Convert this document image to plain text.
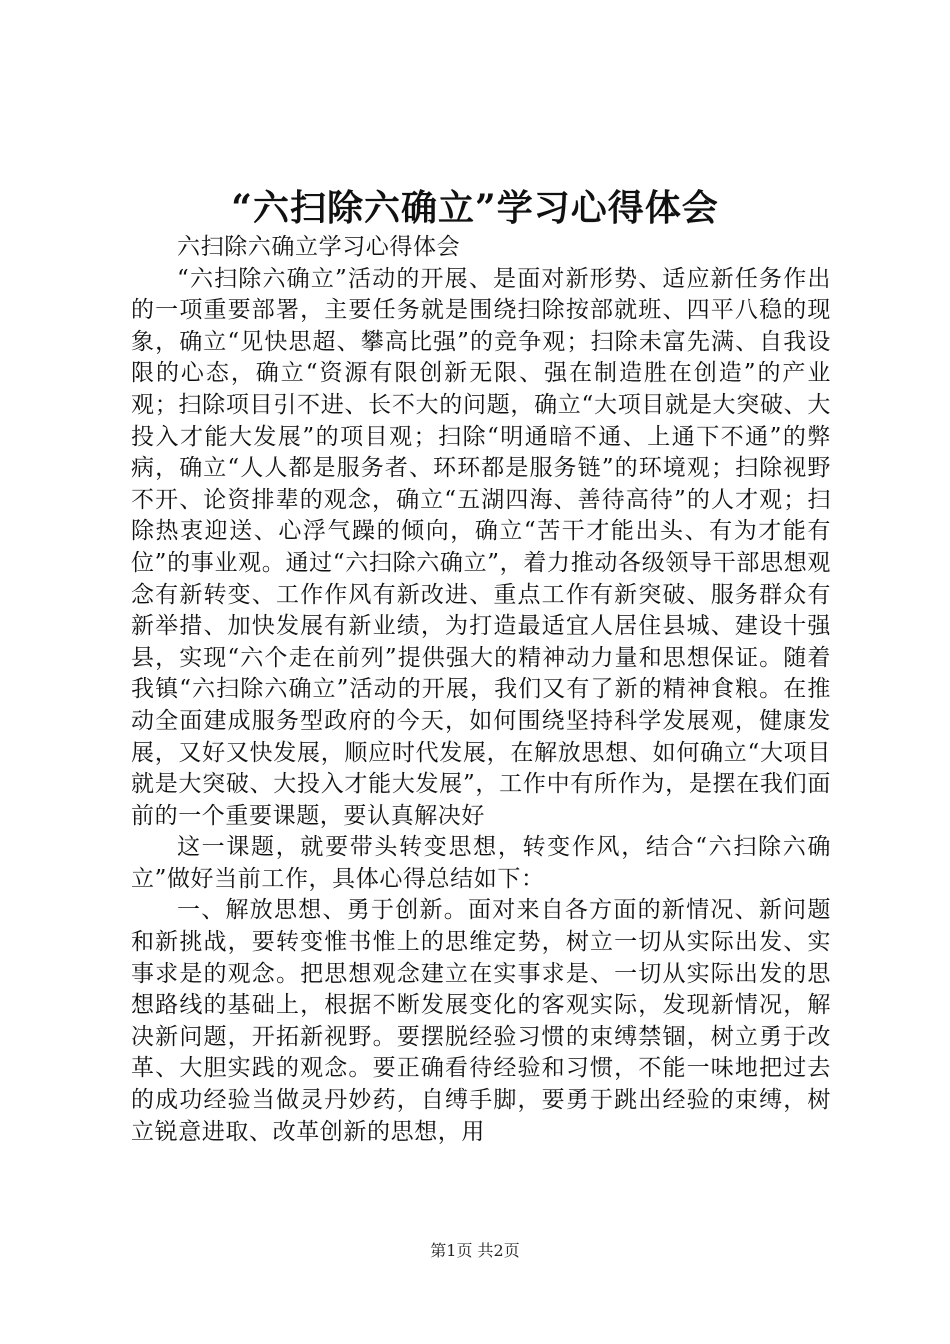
“六扫除六确立”学习心得体会

六扫除六确立学习心得体会

“六扫除六确立”活动的开展、是面对新形势、适应新任务作出的一项重要部署，主要任务就是围绕扫除按部就班、四平八稳的现象，确立“见快思超、攀高比强”的竞争观；扫除未富先满、自我设限的心态，确立“资源有限创新无限、强在制造胜在创造”的产业观；扫除项目引不进、长不大的问题，确立“大项目就是大突破、大投入才能大发展”的项目观；扫除“明通暗不通、上通下不通”的弊病，确立“人人都是服务者、环环都是服务链”的环境观；扫除视野不开、论资排辈的观念，确立“五湖四海、善待高待”的人才观；扫除热衷迎送、心浮气躁的倾向，确立“苦干才能出头、有为才能有位”的事业观。通过“六扫除六确立”，着力推动各级领导干部思想观念有新转变、工作作风有新改进、重点工作有新突破、服务群众有新举措、加快发展有新业绩，为打造最适宜人居住县城、建设十强县，实现“六个走在前列”提供强大的精神动力量和思想保证。随着我镇“六扫除六确立”活动的开展，我们又有了新的精神食粮。在推动全面建成服务型政府的今天，如何围绕坚持科学发展观，健康发展，又好又快发展，顺应时代发展，在解放思想、如何确立“大项目就是大突破、大投入才能大发展”，工作中有所作为，是摆在我们面前的一个重要课题，要认真解决好

这一课题，就要带头转变思想，转变作风，结合“六扫除六确立”做好当前工作，具体心得总结如下：

一、解放思想、勇于创新。面对来自各方面的新情况、新问题和新挑战，要转变惟书惟上的思维定势，树立一切从实际出发、实事求是的观念。把思想观念建立在实事求是、一切从实际出发的思想路线的基础上，根据不断发展变化的客观实际，发现新情况，解决新问题，开拓新视野。要摆脱经验习惯的束缚禁锢，树立勇于改革、大胆实践的观念。要正确看待经验和习惯，不能一味地把过去的成功经验当做灵丹妙药，自缚手脚，要勇于跳出经验的束缚，树立锐意进取、改革创新的思想，用

第1页 共2页
